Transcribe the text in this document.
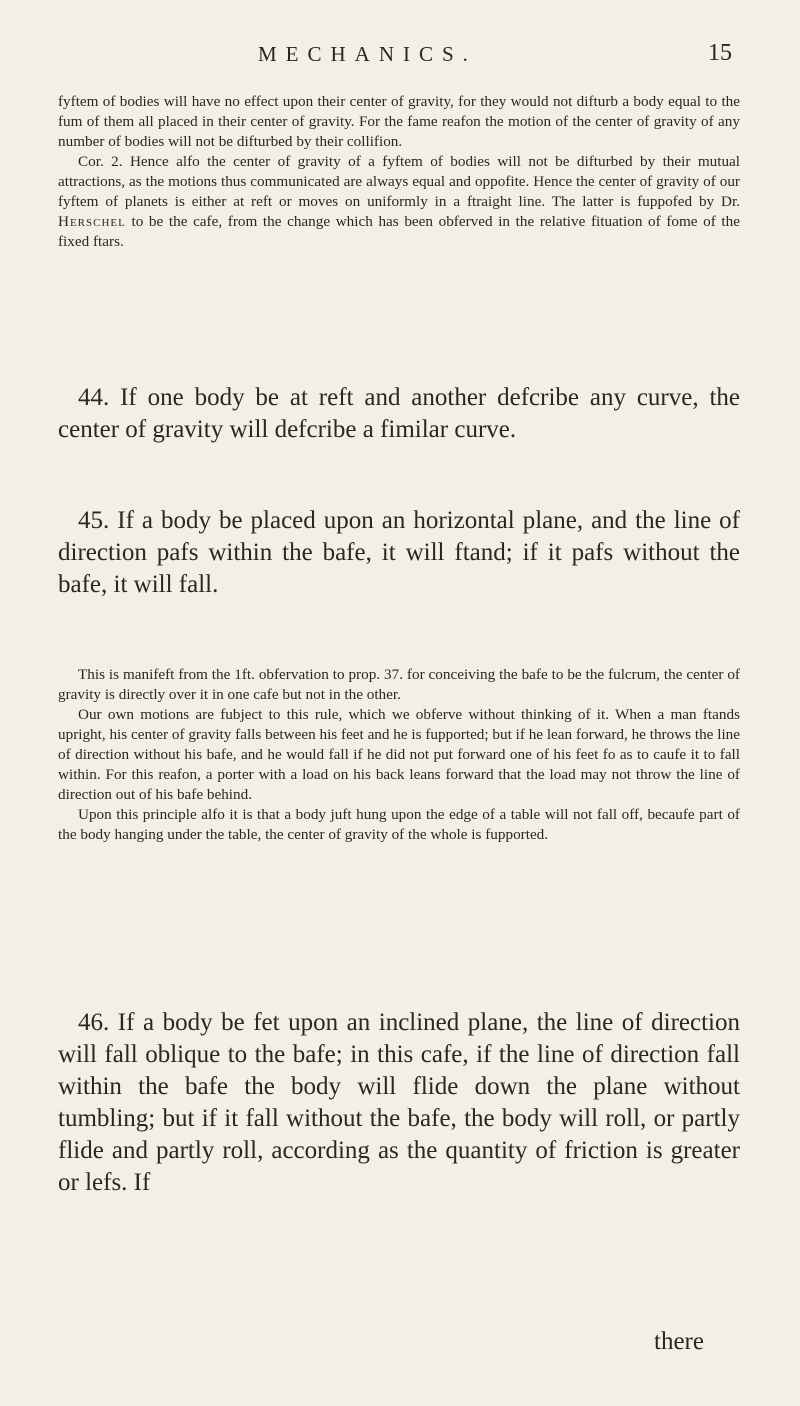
MECHANICS.	15

fyftem of bodies will have no effect upon their center of gravity, for they would not difturb a body equal to the fum of them all placed in their center of gravity. For the fame reafon the motion of the center of gravity of any number of bodies will not be difturbed by their collifion.

Cor. 2. Hence alfo the center of gravity of a fyftem of bodies will not be difturbed by their mutual attractions, as the motions thus communicated are always equal and oppofite. Hence the center of gravity of our fyftem of planets is either at reft or moves on uniformly in a ftraight line. The latter is fuppofed by Dr. Herschel to be the cafe, from the change which has been obferved in the relative fituation of fome of the fixed ftars.

44. If one body be at reft and another defcribe any curve, the center of gravity will defcribe a fimilar curve.

45. If a body be placed upon an horizontal plane, and the line of direction pafs within the bafe, it will ftand; if it pafs without the bafe, it will fall.

This is manifeft from the 1ft. obfervation to prop. 37. for conceiving the bafe to be the fulcrum, the center of gravity is directly over it in one cafe but not in the other.

Our own motions are fubject to this rule, which we obferve without thinking of it. When a man ftands upright, his center of gravity falls between his feet and he is fupported; but if he lean forward, he throws the line of direction without his bafe, and he would fall if he did not put forward one of his feet fo as to caufe it to fall within. For this reafon, a porter with a load on his back leans forward that the load may not throw the line of direction out of his bafe behind.

Upon this principle alfo it is that a body juft hung upon the edge of a table will not fall off, becaufe part of the body hanging under the table, the center of gravity of the whole is fupported.

46. If a body be fet upon an inclined plane, the line of direction will fall oblique to the bafe; in this cafe, if the line of direction fall within the bafe the body will flide down the plane without tumbling; but if it fall without the bafe, the body will roll, or partly flide and partly roll, according as the quantity of friction is greater or lefs. If

there
